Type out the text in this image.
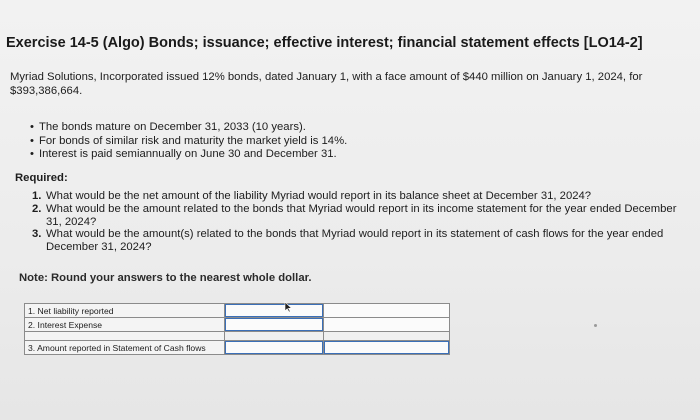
Exercise 14-5 (Algo) Bonds; issuance; effective interest; financial statement effects [LO14-2]
Myriad Solutions, Incorporated issued 12% bonds, dated January 1, with a face amount of $440 million on January 1, 2024, for $393,386,664.
• The bonds mature on December 31, 2033 (10 years).
• For bonds of similar risk and maturity the market yield is 14%.
• Interest is paid semiannually on June 30 and December 31.
Required:
1. What would be the net amount of the liability Myriad would report in its balance sheet at December 31, 2024?
2. What would be the amount related to the bonds that Myriad would report in its income statement for the year ended December 31, 2024?
3. What would be the amount(s) related to the bonds that Myriad would report in its statement of cash flows for the year ended December 31, 2024?
Note: Round your answers to the nearest whole dollar.
1. Net liability reported		
2. Interest Expense		

3. Amount reported in Statement of Cash flows		
